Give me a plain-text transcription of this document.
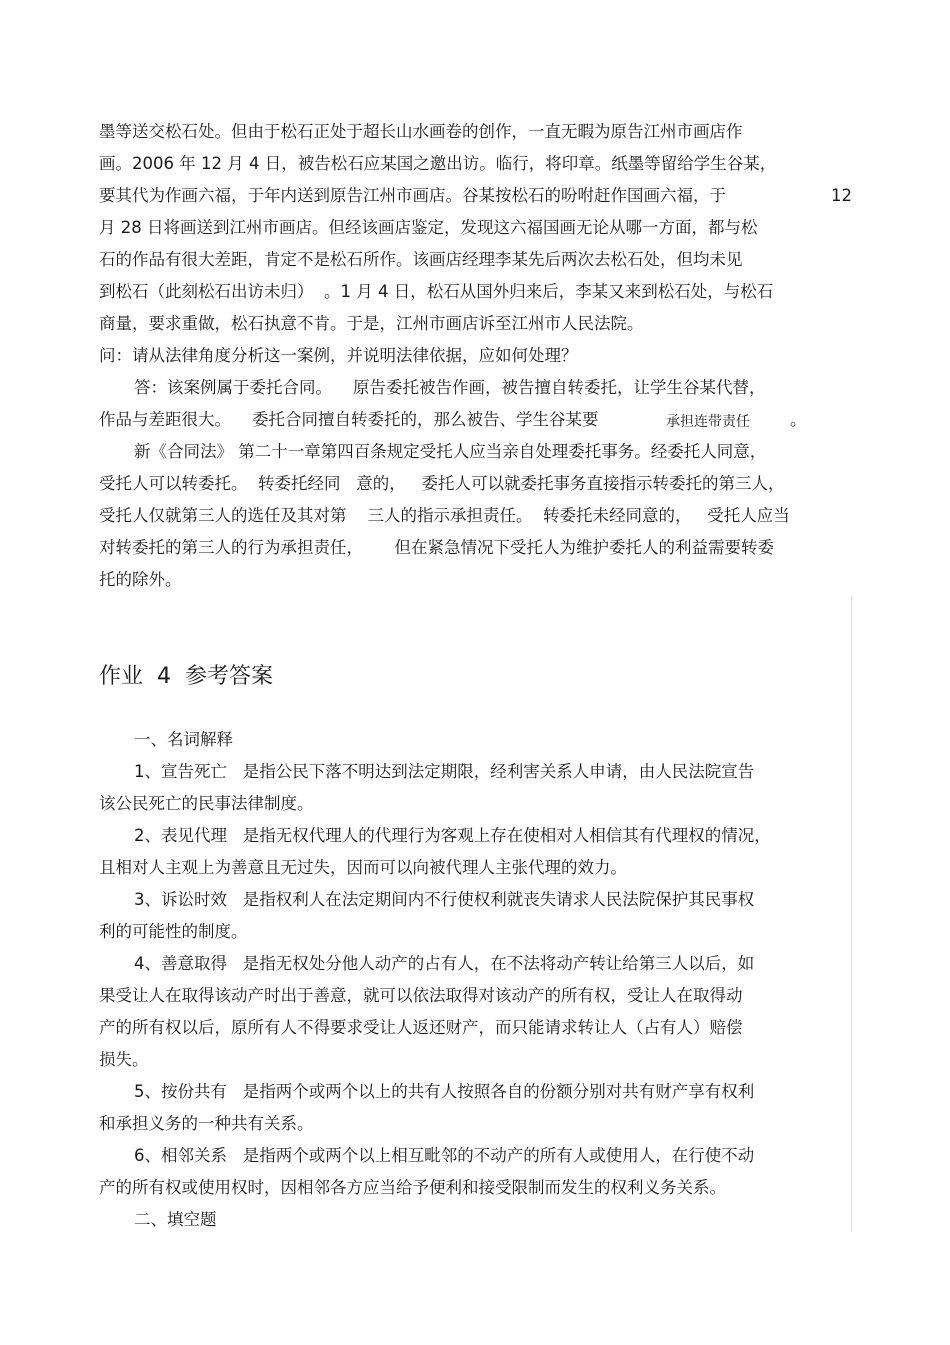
墨等送交松石处。但由于松石正处于超长山水画卷的创作，一直无暇为原告江州市画店作
画。2006 年 12 月 4 日，被告松石应某国之邀出访。临行，将印章。纸墨等留给学生谷某，
要其代为作画六福，于年内送到原告江州市画店。谷某按松石的吩咐赶作国画六福，于	12
月 28 日将画送到江州市画店。但经该画店鉴定，发现这六福国画无论从哪一方面，都与松
石的作品有很大差距，肯定不是松石所作。该画店经理李某先后两次去松石处，但均未见
到松石（此刻松石出访未归）  。1 月 4 日，松石从国外归来后，李某又来到松石处，与松石
商量，要求重做，松石执意不肯。于是，江州市画店诉至江州市人民法院。
问：请从法律角度分析这一案例，并说明法律依据，应如何处理？
答：该案例属于委托合同。    原告委托被告作画，被告擅自转委托，让学生谷某代替，
作品与差距很大。    委托合同擅自转委托的，那么被告、学生谷某要	承担连带责任 。
新《合同法》 第二十一章第四百条规定受托人应当亲自处理委托事务。经委托人同意，
受托人可以转委托。  转委托经同   意的，   委托人可以就委托事务直接指示转委托的第三人，
受托人仅就第三人的选任及其对第    三人的指示承担责任。  转委托未经同意的，   受托人应当
对转委托的第三人的行为承担责任，      但在紧急情况下受托人为维护委托人的利益需要转委
托的除外。
作业  4  参考答案
一、名词解释
1、宣告死亡   是指公民下落不明达到法定期限，经利害关系人申请，由人民法院宣告
该公民死亡的民事法律制度。
2、表见代理   是指无权代理人的代理行为客观上存在使相对人相信其有代理权的情况，
且相对人主观上为善意且无过失，因而可以向被代理人主张代理的效力。
3、诉讼时效   是指权利人在法定期间内不行使权利就丧失请求人民法院保护其民事权
利的可能性的制度。
4、善意取得   是指无权处分他人动产的占有人，在不法将动产转让给第三人以后，如
果受让人在取得该动产时出于善意，就可以依法取得对该动产的所有权，受让人在取得动
产的所有权以后，原所有人不得要求受让人返还财产，而只能请求转让人（占有人）赔偿
损失。
5、按份共有   是指两个或两个以上的共有人按照各自的份额分别对共有财产享有权利
和承担义务的一种共有关系。
6、相邻关系   是指两个或两个以上相互毗邻的不动产的所有人或使用人，在行使不动
产的所有权或使用权时，因相邻各方应当给予便利和接受限制而发生的权利义务关系。
二、填空题
